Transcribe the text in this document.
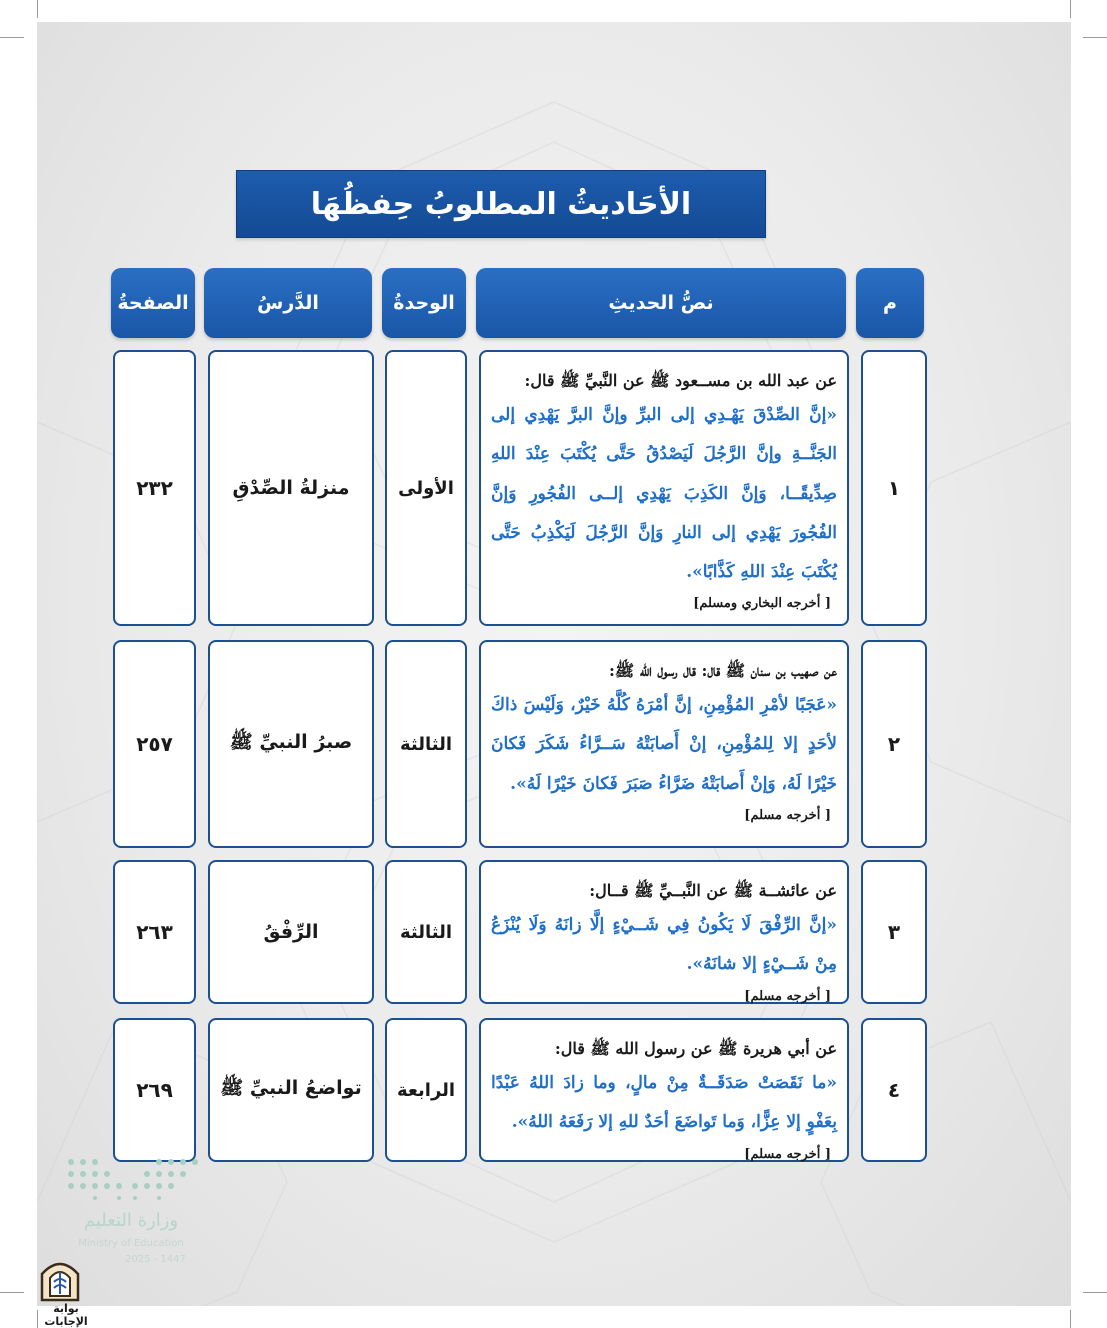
الأحَاديثُ المطلوبُ حِفظُهَا
م
نصُّ الحديثِ
الوحدةُ
الدَّرسُ
الصفحةُ
١
عن عبد الله بن مســعود ﷺ عن النَّبيِّ ﷺ قال:
«إنَّ الصِّدْقَ يَهْـدِي إلى البرِّ وإنَّ البرَّ يَهْدِي إلى الجَنَّــةِ وإنَّ الرَّجُلَ لَيَصْدُقُ حَتَّى يُكْتَبَ عِنْدَ اللهِ صِدِّيقًــا، وَإنَّ الكَذِبَ يَهْدِي إلــى الفُجُورِ وَإنَّ الفُجُورَ يَهْدِي إلى النارِ وَإنَّ الرَّجُلَ لَيَكْذِبُ حَتَّى يُكْتَبَ عِنْدَ اللهِ كَذَّابًا».
[ أخرجه البخاري ومسلم]
الأولى
منزلةُ الصِّدْقِ
٢٣٢
٢
عن صهيب بن سنان ﷺ قال: قال رسول الله ﷺ:
«عَجَبًا لأمْرِ المُؤْمِنِ، إنَّ أمْرَهُ كُلَّهُ خَيْرٌ، وَلَيْسَ ذاكَ لأحَدٍ إلا لِلمُؤْمِنِ، إنْ أَصابَتْهُ سَــرَّاءُ شَكَرَ فَكانَ خَيْرًا لَهُ، وَإنْ أَصابَتْهُ ضَرَّاءُ صَبَرَ فَكانَ خَيْرًا لَهُ».
[ أخرجه مسلم]
الثالثة
صبرُ النبيِّ ﷺ
٢٥٧
٣
عن عائشــة ﷺ عن النَّبــيِّ ﷺ قــال:
«إنَّ الرِّفْقَ لَا يَكُونُ فِي شَــيْءٍ إلَّا زانَهُ وَلَا يُنْزَعُ مِنْ شَــيْءٍ إلا شانَهُ».
[ أخرجه مسلم]
الثالثة
الرِّفْقُ
٢٦٣
٤
عن أبي هريرة ﷺ عن رسول الله ﷺ قال:
«ما نَقَصَتْ صَدَقَــةٌ مِنْ مالٍ، وما زادَ اللهُ عَبْدًا بِعَفْوٍ إلا عِزًّا، وَما تَواضَعَ أحَدٌ للهِ إلا رَفَعَهُ اللهُ».
[ أخرجه مسلم]
الرابعة
تواضعُ النبيِّ ﷺ
٢٦٩
وزارة التعليم
Ministry of Education
2025 - 1447
بوابة الإجابات
